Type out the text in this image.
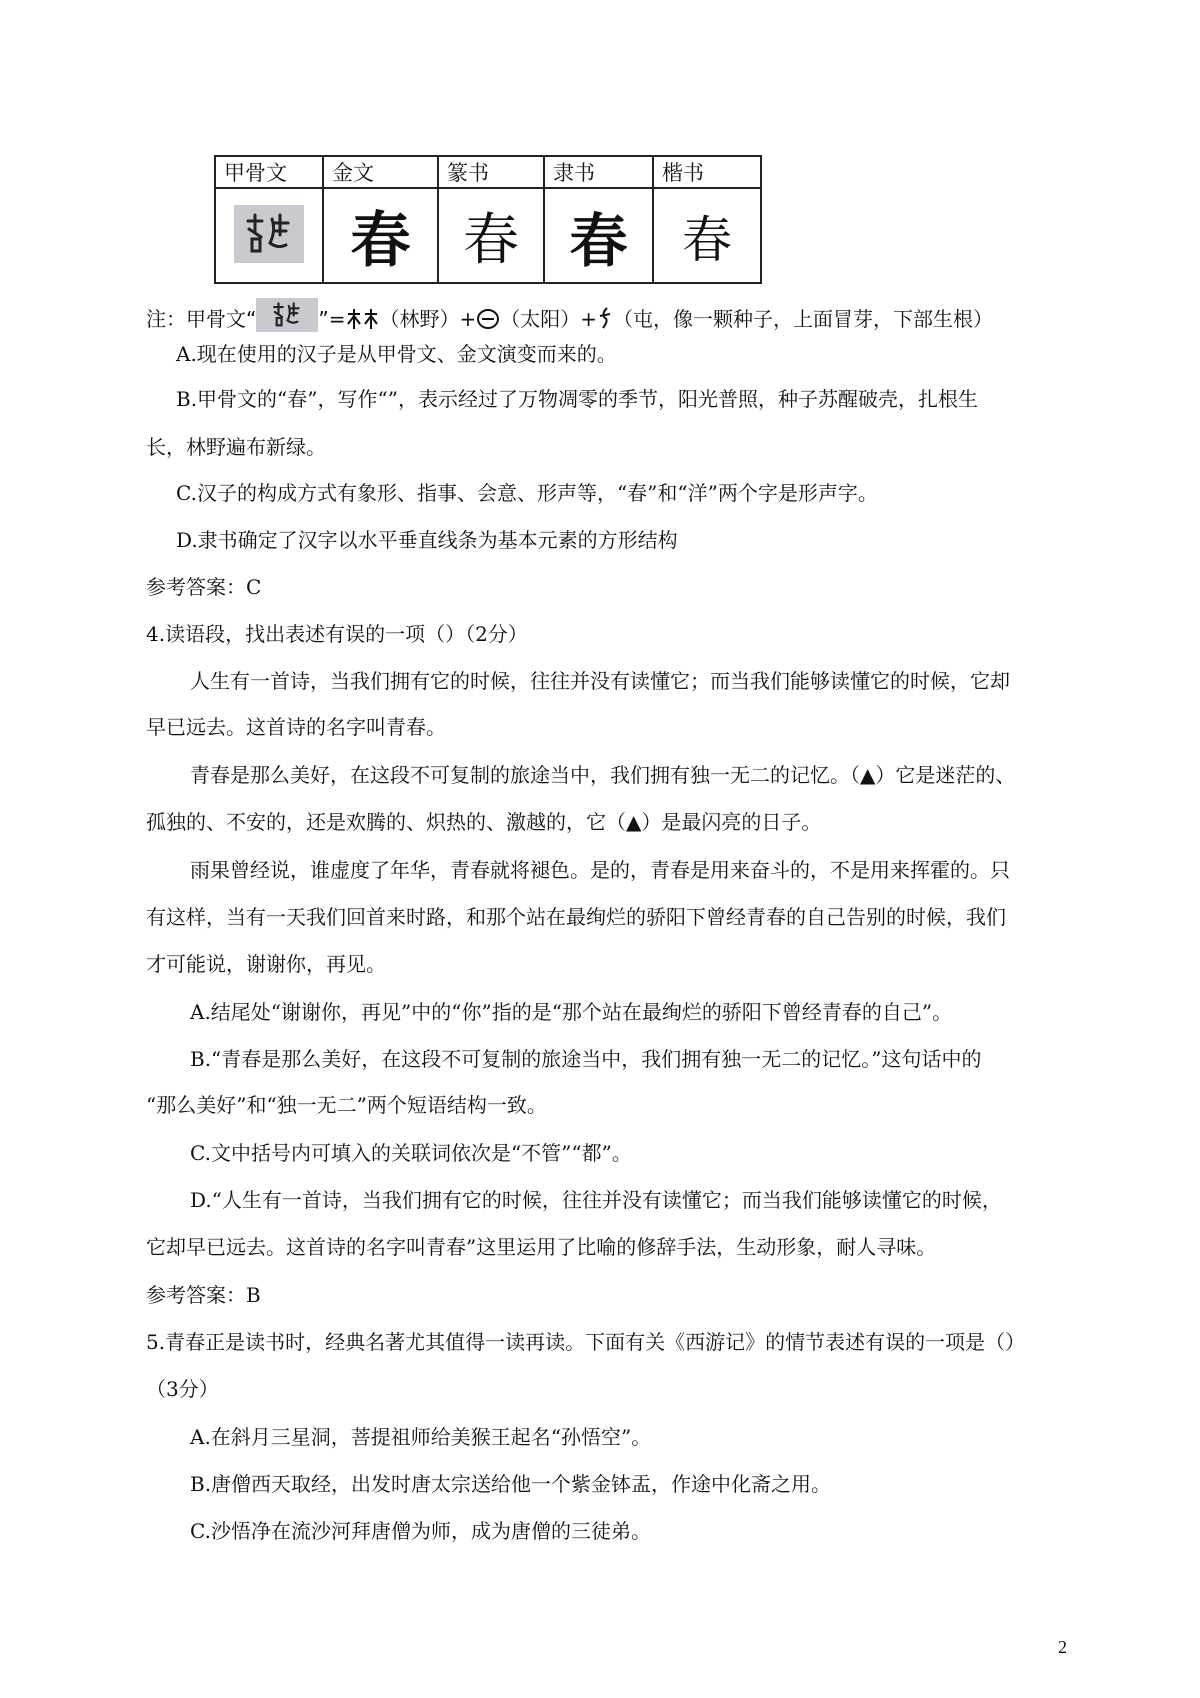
甲骨文	金文	篆书	隶书	楷书

	春	春	春	春
注：甲骨文“	”= （林野）+ （太阳）+ （屯，像一颗种子，上面冒芽，下部生根）
A.现在使用的汉子是从甲骨文、金文演变而来的。
B.甲骨文的“春”，写作“”，表示经过了万物凋零的季节，阳光普照，种子苏醒破壳，扎根生
长，林野遍布新绿。
C.汉子的构成方式有象形、指事、会意、形声等，“春”和“洋”两个字是形声字。
D.隶书确定了汉字以水平垂直线条为基本元素的方形结构
参考答案：C
4.读语段，找出表述有误的一项（）（2分）
人生有一首诗，当我们拥有它的时候，往往并没有读懂它；而当我们能够读懂它的时候，它却
早已远去。这首诗的名字叫青春。
青春是那么美好，在这段不可复制的旅途当中，我们拥有独一无二的记忆。（▲）它是迷茫的、
孤独的、不安的，还是欢腾的、炽热的、激越的，它（▲）是最闪亮的日子。
雨果曾经说，谁虚度了年华，青春就将褪色。是的，青春是用来奋斗的，不是用来挥霍的。只
有这样，当有一天我们回首来时路，和那个站在最绚烂的骄阳下曾经青春的自己告别的时候，我们
才可能说，谢谢你，再见。
A.结尾处“谢谢你，再见”中的“你”指的是“那个站在最绚烂的骄阳下曾经青春的自己”。
B.“青春是那么美好，在这段不可复制的旅途当中，我们拥有独一无二的记忆。”这句话中的
“那么美好”和“独一无二”两个短语结构一致。
C.文中括号内可填入的关联词依次是“不管”“都”。
D.“人生有一首诗，当我们拥有它的时候，往往并没有读懂它；而当我们能够读懂它的时候，
它却早已远去。这首诗的名字叫青春”这里运用了比喻的修辞手法，生动形象，耐人寻味。
参考答案：B
5.青春正是读书时，经典名著尤其值得一读再读。下面有关《西游记》的情节表述有误的一项是（）
（3分）
A.在斜月三星洞，菩提祖师给美猴王起名“孙悟空”。
B.唐僧西天取经，出发时唐太宗送给他一个紫金钵盂，作途中化斋之用。
C.沙悟净在流沙河拜唐僧为师，成为唐僧的三徒弟。
2
